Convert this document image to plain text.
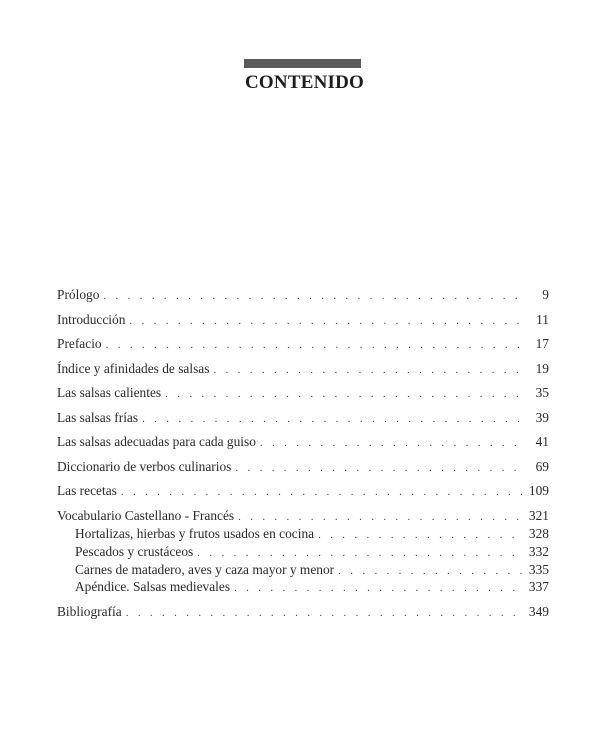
CONTENIDO
Prólogo . . .	9
Introducción . . .	11
Prefacio . . .	17
Índice y afinidades de salsas . . .	19
Las salsas calientes . . .	35
Las salsas frías . . .	39
Las salsas adecuadas para cada guiso . . .	41
Diccionario de verbos culinarios . . .	69
Las recetas . . .	109
Vocabulario Castellano - Francés . . .	321
Hortalizas, hierbas y frutos usados en cocina . . .	328
Pescados y crustáceos . . .	332
Carnes de matadero, aves y caza mayor y menor . . .	335
Apéndice. Salsas medievales . . .	337
Bibliografía . . .	349
